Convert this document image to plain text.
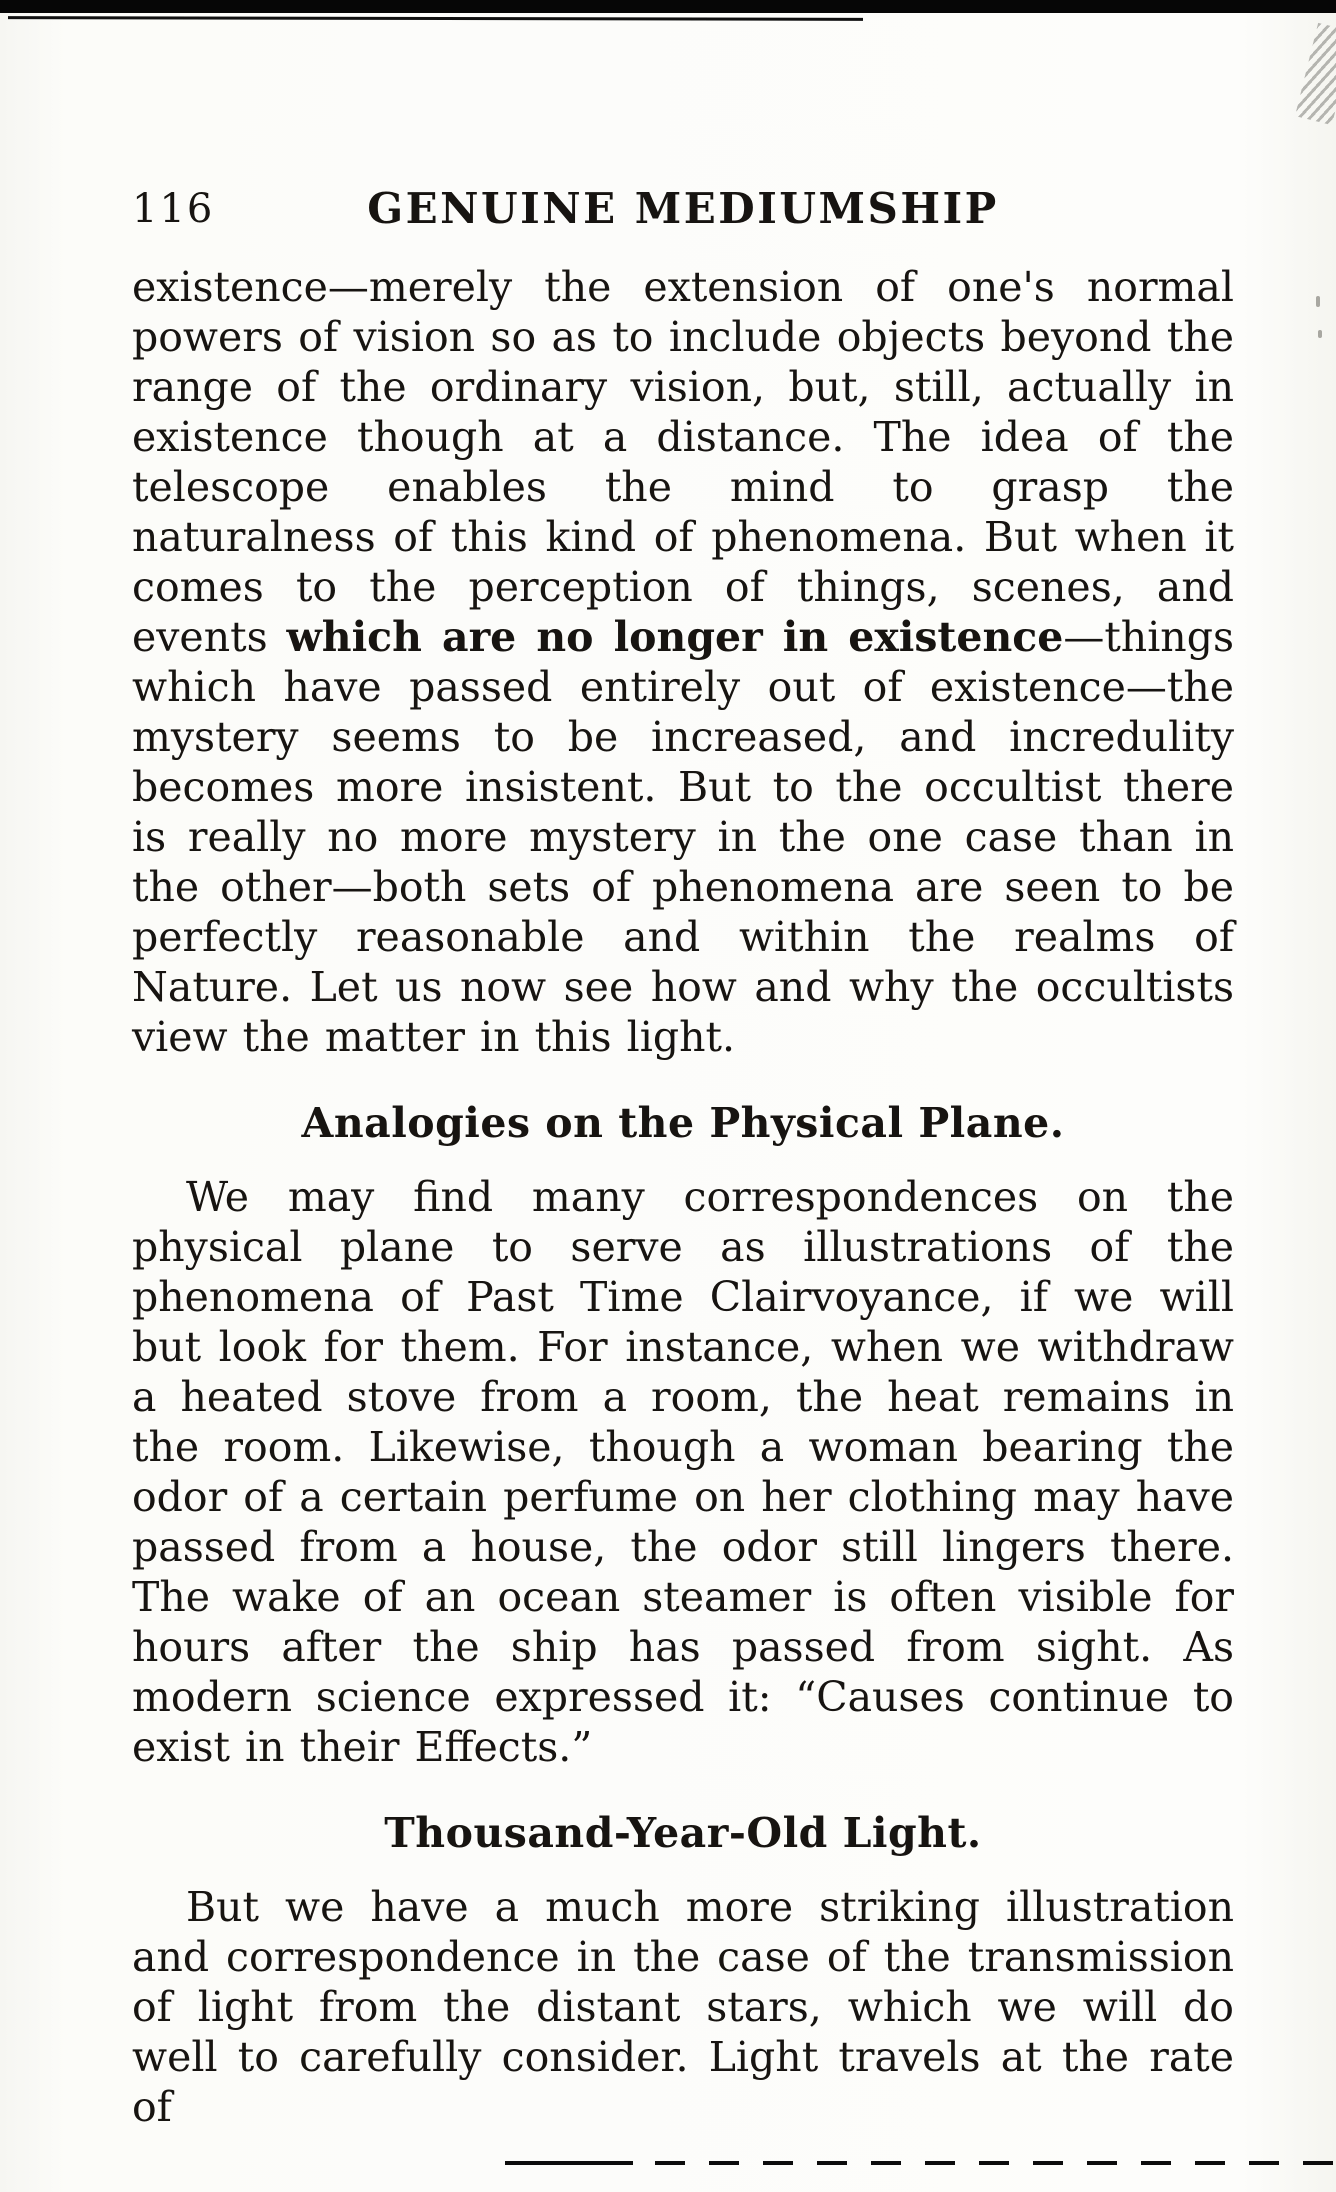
116	GENUINE MEDIUMSHIP

existence—merely the extension of one's normal powers of vision so as to include objects beyond the range of the ordinary vision, but, still, actually in existence though at a distance. The idea of the telescope enables the mind to grasp the naturalness of this kind of phenomena. But when it comes to the perception of things, scenes, and events which are no longer in existence—things which have passed entirely out of existence—the mystery seems to be increased, and incredulity becomes more insistent. But to the occultist there is really no more mystery in the one case than in the other—both sets of phenomena are seen to be perfectly reasonable and within the realms of Nature. Let us now see how and why the occultists view the matter in this light.

Analogies on the Physical Plane.

We may find many correspondences on the physical plane to serve as illustrations of the phenomena of Past Time Clairvoyance, if we will but look for them. For instance, when we withdraw a heated stove from a room, the heat remains in the room. Likewise, though a woman bearing the odor of a certain perfume on her clothing may have passed from a house, the odor still lingers there. The wake of an ocean steamer is often visible for hours after the ship has passed from sight. As modern science expressed it: “Causes continue to exist in their Effects.”

Thousand-Year-Old Light.

But we have a much more striking illustration and correspondence in the case of the transmission of light from the distant stars, which we will do well to carefully consider. Light travels at the rate of
